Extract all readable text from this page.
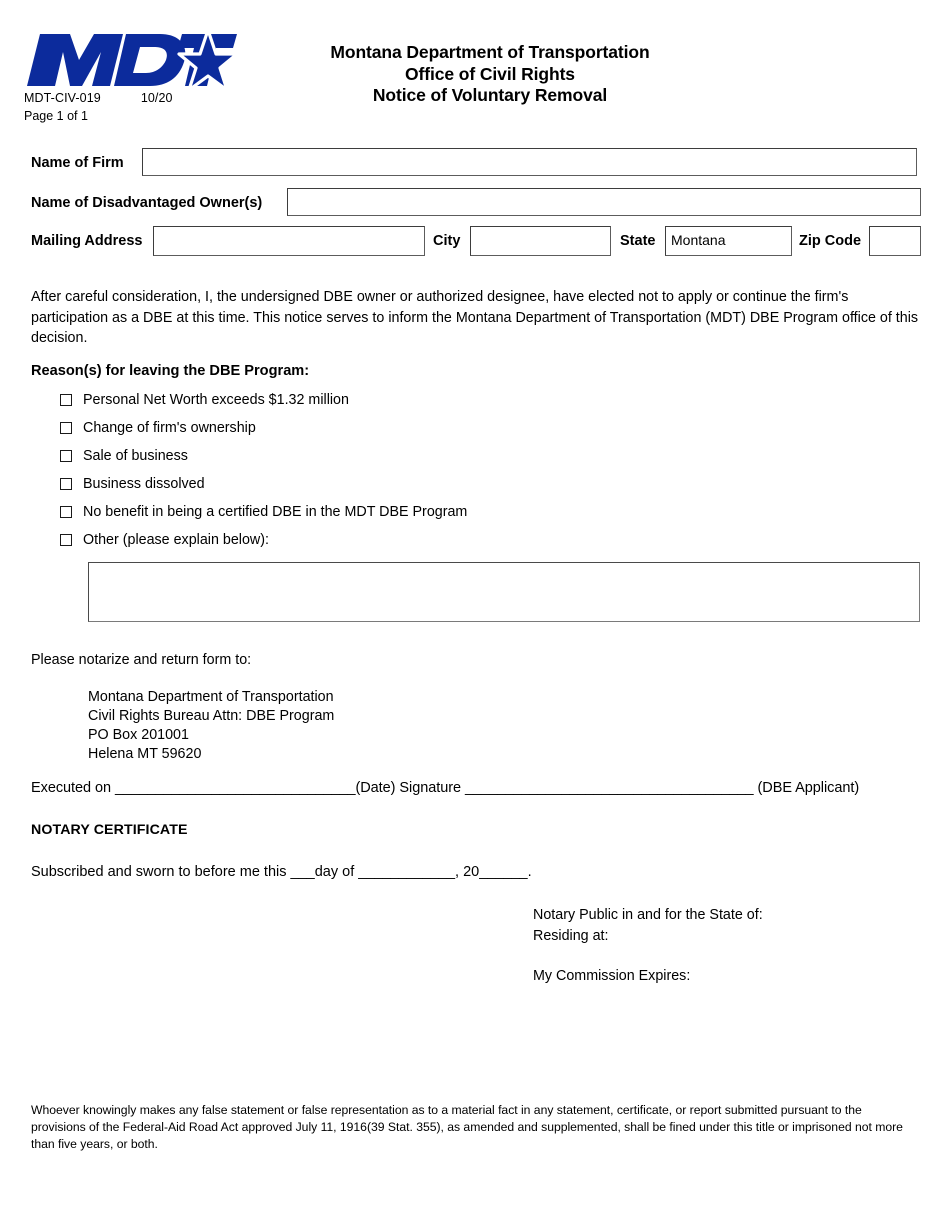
MDT-CIV-019	10/20
Page 1 of 1
Montana Department of Transportation
Office of Civil Rights
Notice of Voluntary Removal
Name of Firm
Name of Disadvantaged Owner(s)
Mailing Address	City	State	Montana	Zip Code
After careful consideration, I, the undersigned DBE owner or authorized designee, have elected not to apply or continue the firm's participation as a DBE at this time. This notice serves to inform the Montana Department of Transportation (MDT) DBE Program office of this decision.
Reason(s) for leaving the DBE Program:
Personal Net Worth exceeds $1.32 million
Change of firm's ownership
Sale of business
Business dissolved
No benefit in being a certified DBE in the MDT DBE Program
Other (please explain below):
Please notarize and return form to:
Montana Department of Transportation
Civil Rights Bureau Attn: DBE Program
PO Box 201001
Helena MT 59620
Executed on ______________________________(Date) Signature ____________________________________ (DBE Applicant)
NOTARY CERTIFICATE
Subscribed and sworn to before me this ___day of ____________, 20______.
Notary Public in and for the State of:
Residing at:
My Commission Expires:
Whoever knowingly makes any false statement or false representation as to a material fact in any statement, certificate, or report submitted pursuant to the provisions of the Federal-Aid Road Act approved July 11, 1916(39 Stat. 355), as amended and supplemented, shall be fined under this title or imprisoned not more than five years, or both.
